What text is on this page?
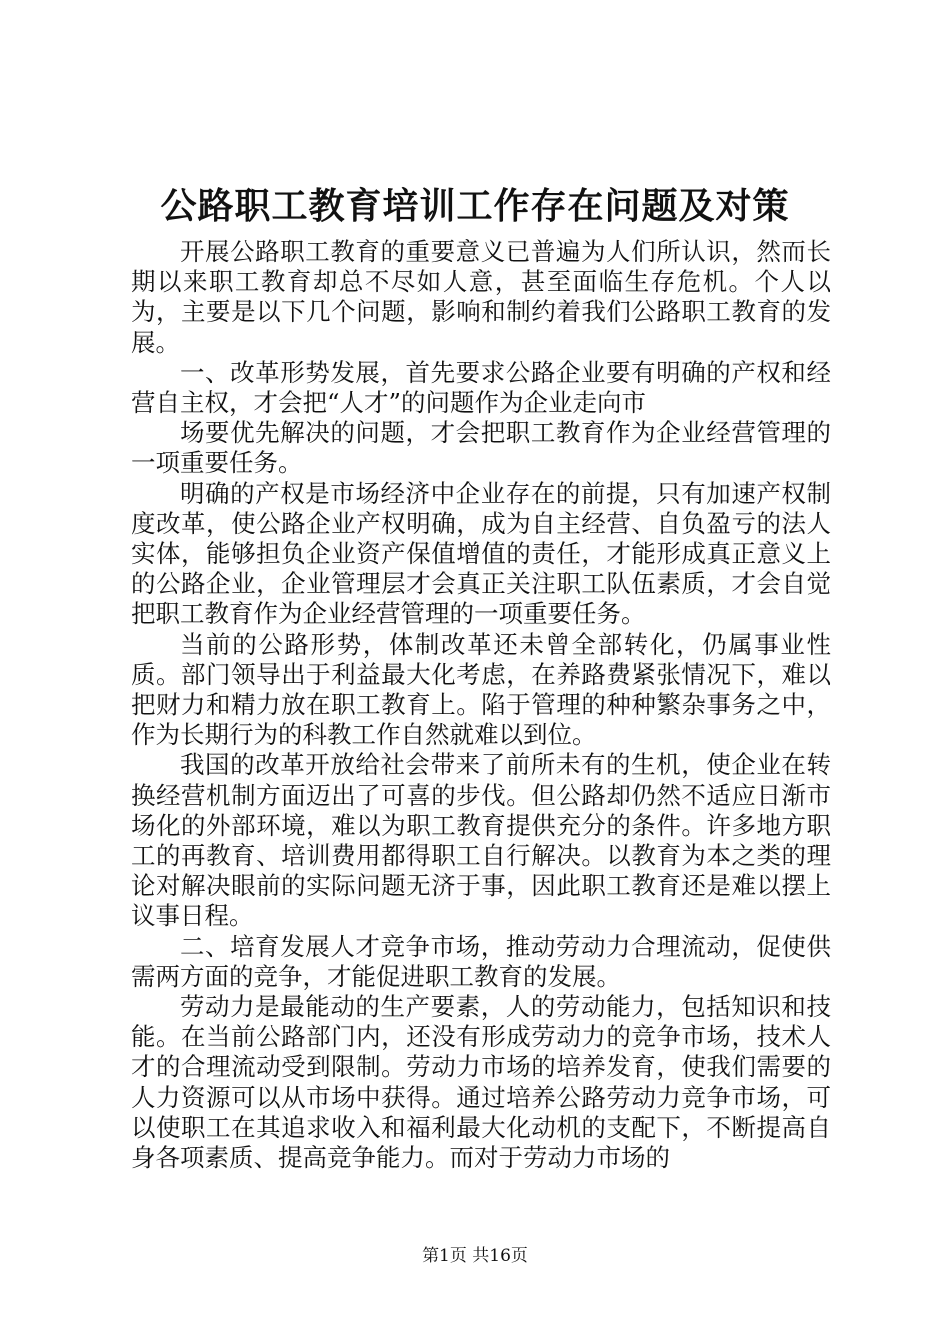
公路职工教育培训工作存在问题及对策

开展公路职工教育的重要意义已普遍为人们所认识，然而长期以来职工教育却总不尽如人意，甚至面临生存危机。个人以为，主要是以下几个问题，影响和制约着我们公路职工教育的发展。

一、改革形势发展，首先要求公路企业要有明确的产权和经营自主权，才会把“人才”的问题作为企业走向市

场要优先解决的问题，才会把职工教育作为企业经营管理的一项重要任务。

明确的产权是市场经济中企业存在的前提，只有加速产权制度改革，使公路企业产权明确，成为自主经营、自负盈亏的法人实体，能够担负企业资产保值增值的责任，才能形成真正意义上的公路企业，企业管理层才会真正关注职工队伍素质，才会自觉把职工教育作为企业经营管理的一项重要任务。

当前的公路形势，体制改革还未曾全部转化，仍属事业性质。部门领导出于利益最大化考虑，在养路费紧张情况下，难以把财力和精力放在职工教育上。陷于管理的种种繁杂事务之中，作为长期行为的科教工作自然就难以到位。

我国的改革开放给社会带来了前所未有的生机，使企业在转换经营机制方面迈出了可喜的步伐。但公路却仍然不适应日渐市场化的外部环境，难以为职工教育提供充分的条件。许多地方职工的再教育、培训费用都得职工自行解决。以教育为本之类的理论对解决眼前的实际问题无济于事，因此职工教育还是难以摆上议事日程。

二、培育发展人才竞争市场，推动劳动力合理流动，促使供需两方面的竞争，才能促进职工教育的发展。

劳动力是最能动的生产要素，人的劳动能力，包括知识和技能。在当前公路部门内，还没有形成劳动力的竞争市场，技术人才的合理流动受到限制。劳动力市场的培养发育，使我们需要的人力资源可以从市场中获得。通过培养公路劳动力竞争市场，可以使职工在其追求收入和福利最大化动机的支配下，不断提高自身各项素质、提高竞争能力。而对于劳动力市场的

第1页 共16页
